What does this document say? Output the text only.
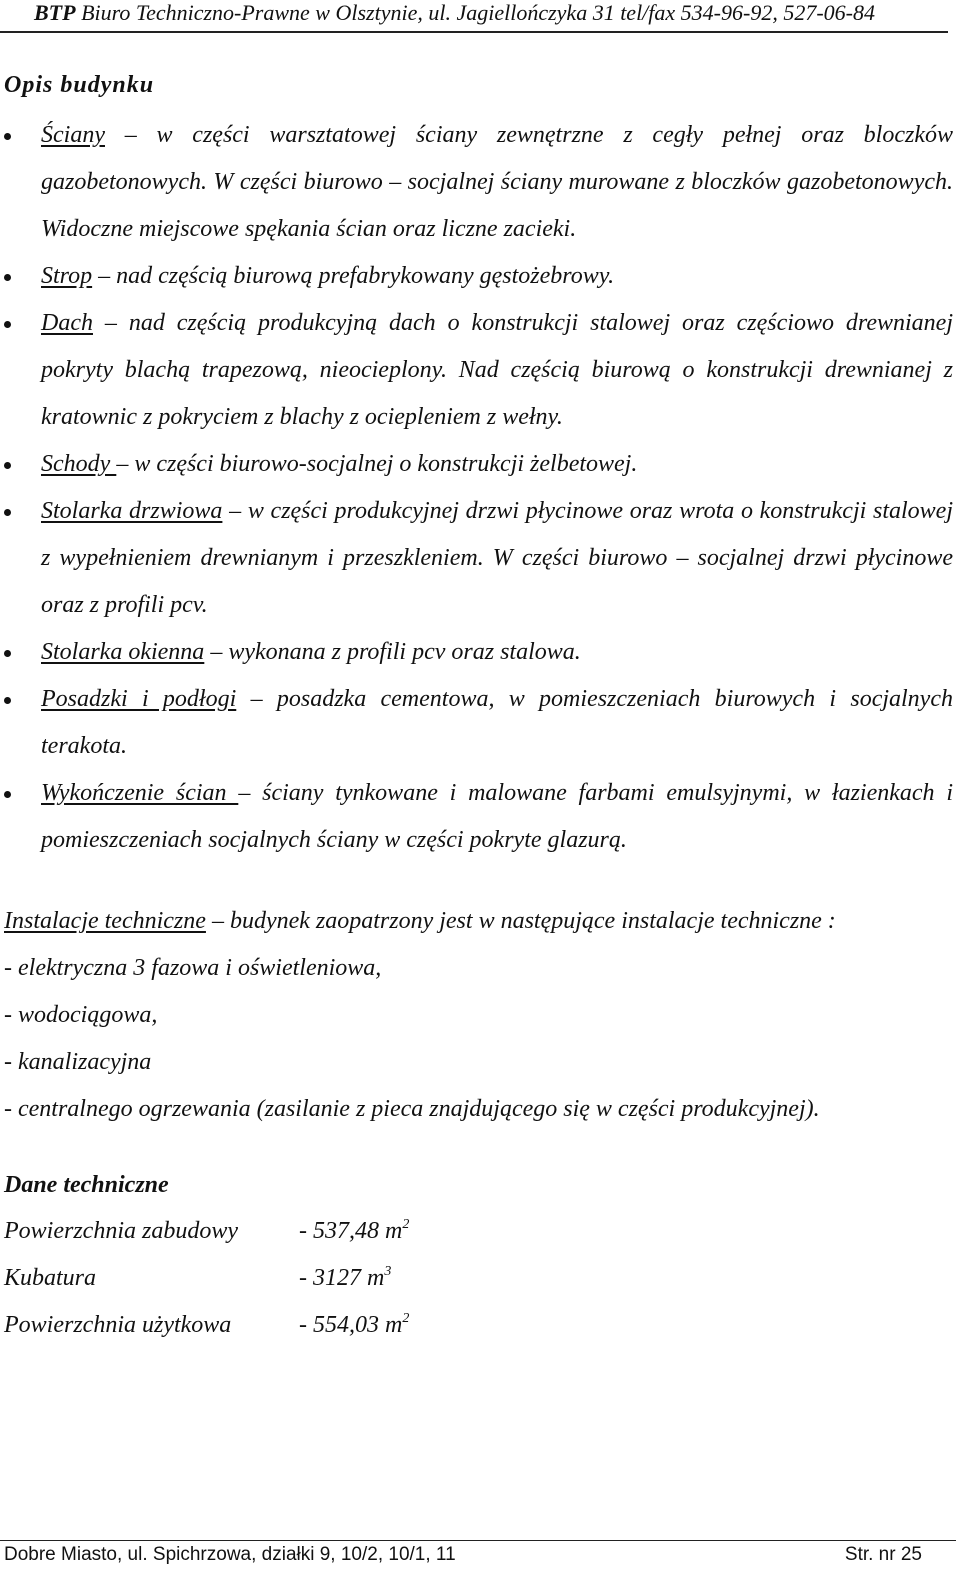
BTP Biuro Techniczno-Prawne w Olsztynie, ul. Jagiellończyka 31 tel/fax 534-96-92, 527-06-84
Opis budynku
Ściany – w części warsztatowej ściany zewnętrzne z cegły pełnej oraz bloczków gazobetonowych. W części biurowo – socjalnej ściany murowane z bloczków gazobetonowych. Widoczne miejscowe spękania ścian oraz liczne zacieki.
Strop – nad częścią biurową prefabrykowany gęstożebrowy.
Dach – nad częścią produkcyjną dach o konstrukcji stalowej oraz częściowo drewnianej pokryty blachą trapezową, nieocieplony. Nad częścią biurową o konstrukcji drewnianej z kratownic z pokryciem z blachy z ociepleniem z wełny.
Schody – w części biurowo-socjalnej o konstrukcji żelbetowej.
Stolarka drzwiowa – w części produkcyjnej drzwi płycinowe oraz wrota o konstrukcji stalowej z wypełnieniem drewnianym i przeszkleniem. W części biurowo – socjalnej drzwi płycinowe oraz z profili pcv.
Stolarka okienna – wykonana z profili pcv oraz stalowa.
Posadzki i podłogi – posadzka cementowa, w pomieszczeniach biurowych i socjalnych terakota.
Wykończenie ścian – ściany tynkowane i malowane farbami emulsyjnymi, w łazienkach i pomieszczeniach socjalnych ściany w części pokryte glazurą.
Instalacje techniczne – budynek zaopatrzony jest w następujące instalacje techniczne :
- elektryczna 3 fazowa i oświetleniowa,
- wodociągowa,
- kanalizacyjna
- centralnego ogrzewania (zasilanie z pieca znajdującego się w części produkcyjnej).
Dane techniczne
Powierzchnia zabudowy	- 537,48 $m^2$
Kubatura	- 3127 $m^3$
Powierzchnia użytkowa	- 554,03 $m^2$
Dobre Miasto, ul. Spichrzowa, działki 9, 10/2, 10/1, 11	Str. nr 25
